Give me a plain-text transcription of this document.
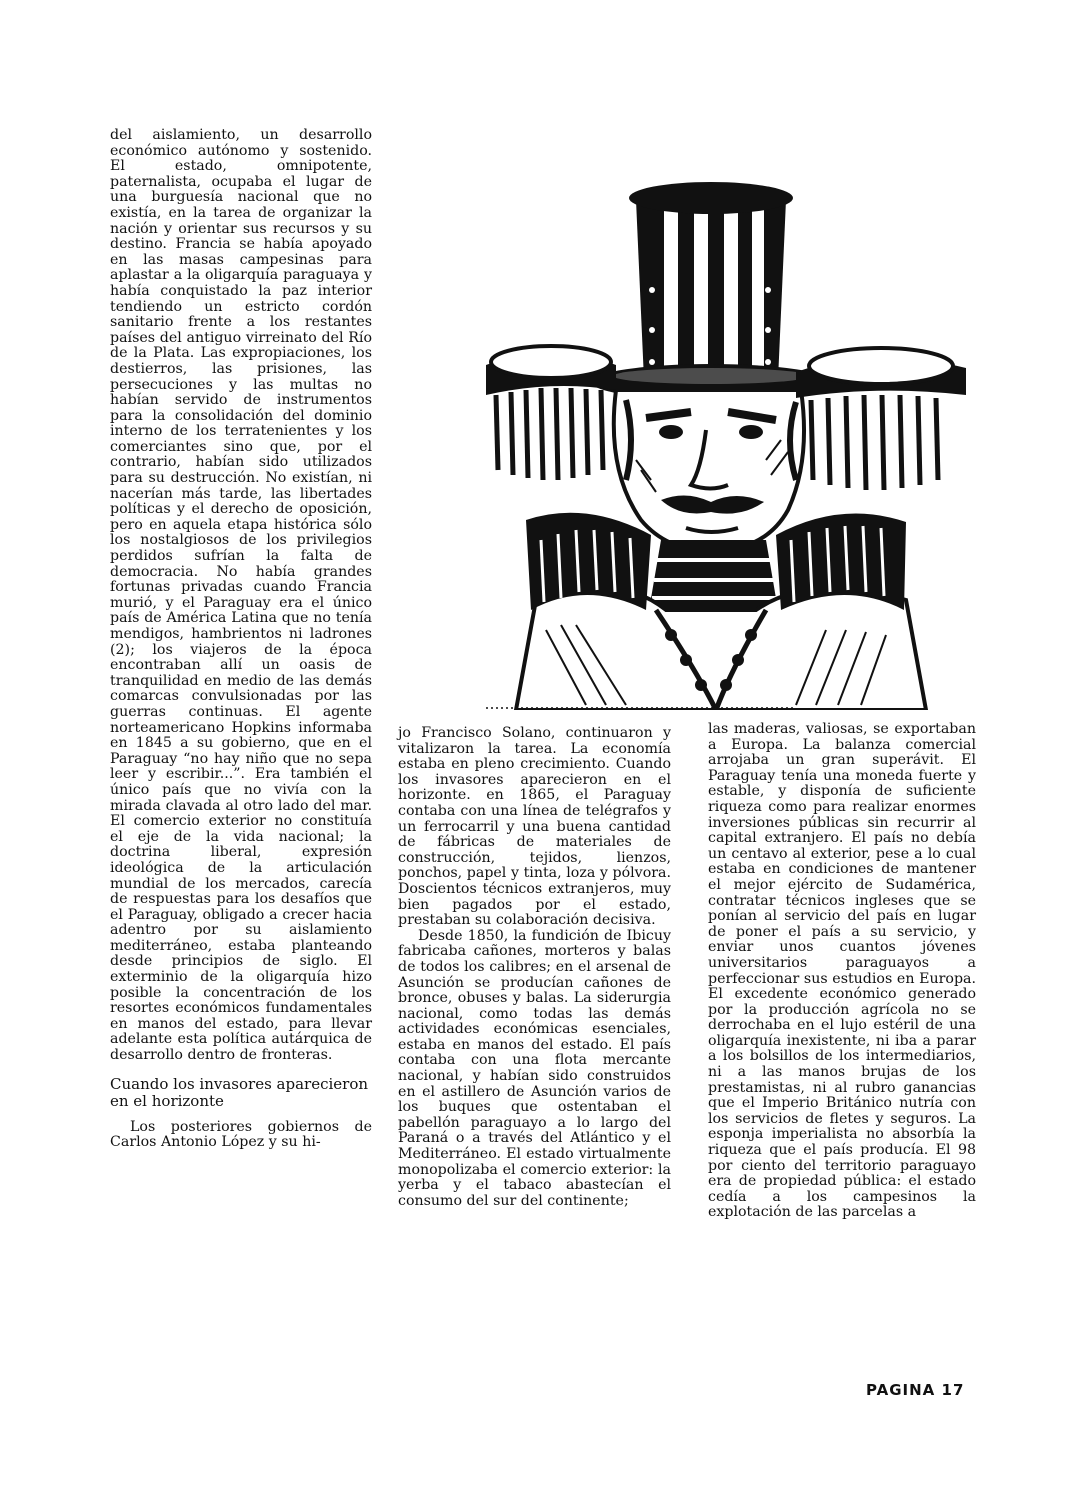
del aislamiento, un desarrollo económico autónomo y sostenido. El estado, omnipotente, paternalista, ocupaba el lugar de una burguesía nacional que no existía, en la tarea de organizar la nación y orientar sus recursos y su destino. Francia se había apoyado en las masas campesinas para aplastar a la oligarquía paraguaya y había conquistado la paz interior tendiendo un estricto cordón sanitario frente a los restantes países del antiguo virreinato del Río de la Plata. Las expropiaciones, los destierros, las prisiones, las persecuciones y las multas no habían servido de instrumentos para la consolidación del dominio interno de los terratenientes y los comerciantes sino que, por el contrario, habían sido utilizados para su destrucción. No existían, ni nacerían más tarde, las libertades políticas y el derecho de oposición, pero en aquela etapa histórica sólo los nostalgiosos de los privilegios perdidos sufrían la falta de democracia. No había grandes fortunas privadas cuando Francia murió, y el Paraguay era el único país de América Latina que no tenía mendigos, hambrientos ni ladrones (2); los viajeros de la época encontraban allí un oasis de tranquilidad en medio de las demás comarcas convulsionadas por las guerras continuas. El agente norteamericano Hopkins informaba en 1845 a su gobierno, que en el Paraguay “no hay niño que no sepa leer y escribir...”. Era también el único país que no vivía con la mirada clavada al otro lado del mar. El comercio exterior no constituía el eje de la vida nacional; la doctrina liberal, expresión ideológica de la articulación mundial de los mercados, carecía de respuestas para los desafíos que el Paraguay, obligado a crecer hacia adentro por su aislamiento mediterráneo, estaba planteando desde principios de siglo. El exterminio de la oligarquía hizo posible la concentración de los resortes económicos fundamentales en manos del estado, para llevar adelante esta política autárquica de desarrollo dentro de fronteras.

Cuando los invasores aparecieron en el horizonte

Los posteriores gobiernos de Carlos Antonio López y su hi-

jo Francisco Solano, continuaron y vitalizaron la tarea. La economía estaba en pleno crecimiento. Cuando los invasores aparecieron en el horizonte. en 1865, el Paraguay contaba con una línea de telégrafos y un ferrocarril y una buena cantidad de fábricas de materiales de construcción, tejidos, lienzos, ponchos, papel y tinta, loza y pólvora. Doscientos técnicos extranjeros, muy bien pagados por el estado, prestaban su colaboración decisiva.

Desde 1850, la fundición de Ibicuy fabricaba cañones, morteros y balas de todos los calibres; en el arsenal de Asunción se producían cañones de bronce, obuses y balas. La siderurgia nacional, como todas las demás actividades económicas esenciales, estaba en manos del estado. El país contaba con una flota mercante nacional, y habían sido construidos en el astillero de Asunción varios de los buques que ostentaban el pabellón paraguayo a lo largo del Paraná o a través del Atlántico y el Mediterráneo. El estado virtualmente monopolizaba el comercio exterior: la yerba y el tabaco abastecían el consumo del sur del continente;

las maderas, valiosas, se exportaban a Europa. La balanza comercial arrojaba un gran superávit. El Paraguay tenía una moneda fuerte y estable, y disponía de suficiente riqueza como para realizar enormes inversiones públicas sin recurrir al capital extranjero. El país no debía un centavo al exterior, pese a lo cual estaba en condiciones de mantener el mejor ejército de Sudamérica, contratar técnicos ingleses que se ponían al servicio del país en lugar de poner el país a su servicio, y enviar unos cuantos jóvenes universitarios paraguayos a perfeccionar sus estudios en Europa. El excedente económico generado por la producción agrícola no se derrochaba en el lujo estéril de una oligarquía inexistente, ni iba a parar a los bolsillos de los intermediarios, ni a las manos brujas de los prestamistas, ni al rubro ganancias que el Imperio Británico nutría con los servicios de fletes y seguros. La esponja imperialista no absorbía la riqueza que el país producía. El 98 por ciento del territorio paraguayo era de propiedad pública: el estado cedía a los campesinos la explotación de las parcelas a

PAGINA 17
